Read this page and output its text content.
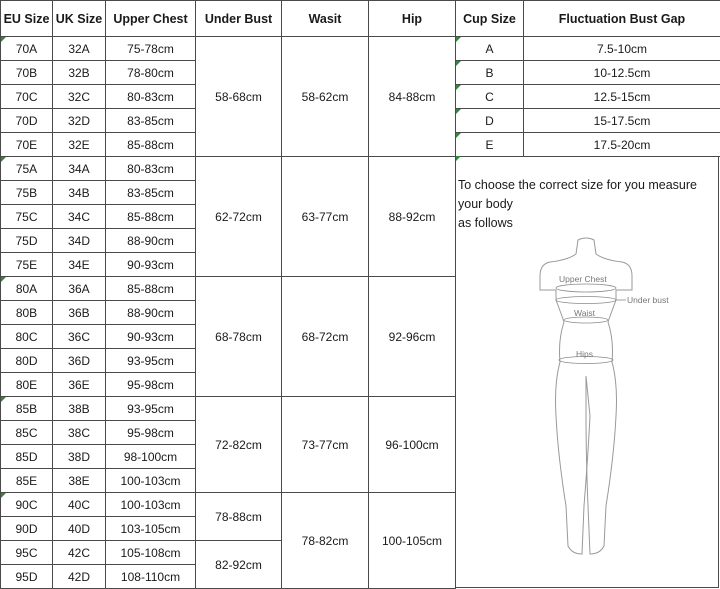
EU Size	UK Size	Upper Chest	Under Bust	Wasit	Hip
70A	32A	75-78cm	58-68cm	58-62cm	84-88cm
70B	32B	78-80cm			
70C	32C	80-83cm			
70D	32D	83-85cm			
70E	32E	85-88cm			
75A	34A	80-83cm	62-72cm	63-77cm	88-92cm
75B	34B	83-85cm			
75C	34C	85-88cm			
75D	34D	88-90cm			
75E	34E	90-93cm			
80A	36A	85-88cm	68-78cm	68-72cm	92-96cm
80B	36B	88-90cm			
80C	36C	90-93cm			
80D	36D	93-95cm			
80E	36E	95-98cm			
85B	38B	93-95cm	72-82cm	73-77cm	96-100cm
85C	38C	95-98cm			
85D	38D	98-100cm			
85E	38E	100-103cm			
90C	40C	100-103cm	78-88cm	78-82cm	100-105cm
90D	40D	103-105cm			
95C	42C	105-108cm	82-92cm		
95D	42D	108-110cm			
Cup Size	Fluctuation Bust Gap
A	7.5-10cm
B	10-12.5cm
C	12.5-15cm
D	15-17.5cm
E	17.5-20cm
To choose the correct size for you measure
your body
as follows
Upper Chest
Under bust
Waist
Hips
